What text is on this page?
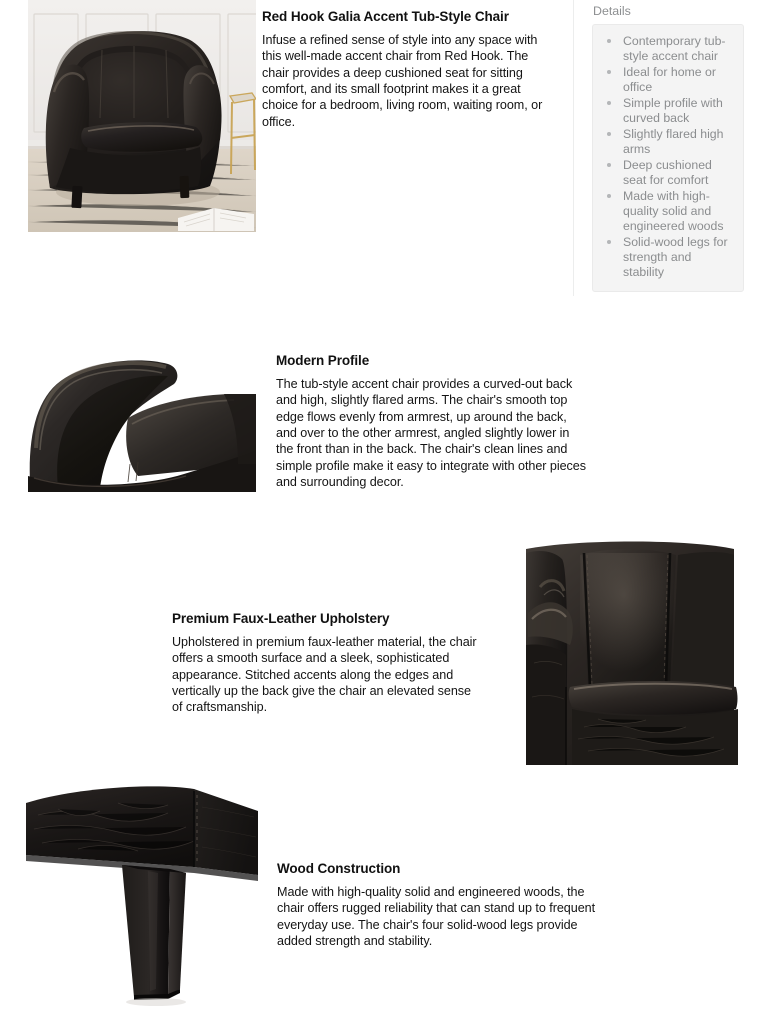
Red Hook Galia Accent Tub-Style Chair

Infuse a refined sense of style into any space with this well-made accent chair from Red Hook. The chair provides a deep cushioned seat for sitting comfort, and its small footprint makes it a great choice for a bedroom, living room, waiting room, or office.

Details
Contemporary tub-style accent chair
Ideal for home or office
Simple profile with curved back
Slightly flared high arms
Deep cushioned seat for comfort
Made with high-quality solid and engineered woods
Solid-wood legs for strength and stability
Modern Profile

The tub-style accent chair provides a curved-out back and high, slightly flared arms. The chair's smooth top edge flows evenly from armrest, up around the back, and over to the other armrest, angled slightly lower in the front than in the back. The chair's clean lines and simple profile make it easy to integrate with other pieces and surrounding decor.

Premium Faux-Leather Upholstery

Upholstered in premium faux-leather material, the chair offers a smooth surface and a sleek, sophisticated appearance. Stitched accents along the edges and vertically up the back give the chair an elevated sense of craftsmanship.

Wood Construction

Made with high-quality solid and engineered woods, the chair offers rugged reliability that can stand up to frequent everyday use. The chair's four solid-wood legs provide added strength and stability.
